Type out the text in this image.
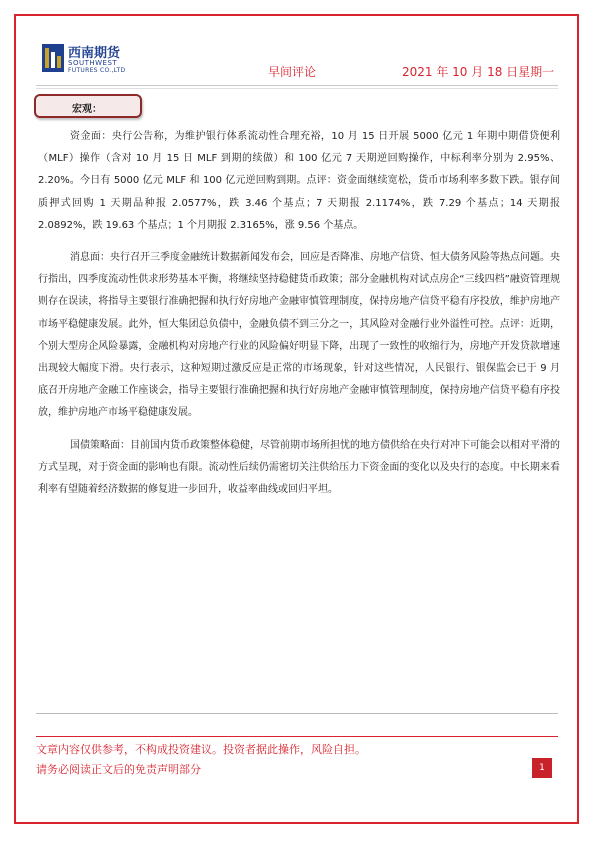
西南期货
SOUTHWEST
FUTURES CO.,LTD	早间评论	2021 年 10 月 18 日星期一
宏观：

资金面：央行公告称，为维护银行体系流动性合理充裕，10 月 15 日开展 5000 亿元 1 年期中期借贷便利（MLF）操作（含对 10 月 15 日 MLF 到期的续做）和 100 亿元 7 天期逆回购操作，中标利率分别为 2.95%、2.20%。今日有 5000 亿元 MLF 和 100 亿元逆回购到期。点评：资金面继续宽松，货币市场利率多数下跌。银存间质押式回购 1 天期品种报 2.0577%，跌 3.46 个基点；7 天期报 2.1174%，跌 7.29 个基点；14 天期报 2.0892%，跌 19.63 个基点；1 个月期报 2.3165%，涨 9.56 个基点。

消息面：央行召开三季度金融统计数据新闻发布会，回应是否降准、房地产信贷、恒大债务风险等热点问题。央行指出，四季度流动性供求形势基本平衡，将继续坚持稳健货币政策；部分金融机构对试点房企“三线四档”融资管理规则存在误读，将指导主要银行准确把握和执行好房地产金融审慎管理制度，保持房地产信贷平稳有序投放，维护房地产市场平稳健康发展。此外，恒大集团总负债中，金融负债不到三分之一，其风险对金融行业外溢性可控。点评：近期，个别大型房企风险暴露，金融机构对房地产行业的风险偏好明显下降，出现了一致性的收缩行为，房地产开发贷款增速出现较大幅度下滑。央行表示，这种短期过激反应是正常的市场现象，针对这些情况，人民银行、银保监会已于 9 月底召开房地产金融工作座谈会，指导主要银行准确把握和执行好房地产金融审慎管理制度，保持房地产信贷平稳有序投放，维护房地产市场平稳健康发展。

国债策略面：目前国内货币政策整体稳健，尽管前期市场所担忧的地方债供给在央行对冲下可能会以相对平滑的方式呈现，对于资金面的影响也有限。流动性后续仍需密切关注供给压力下资金面的变化以及央行的态度。中长期来看利率有望随着经济数据的修复进一步回升，收益率曲线或回归平坦。

文章内容仅供参考，不构成投资建议。投资者据此操作，风险自担。
请务必阅读正文后的免责声明部分	1
